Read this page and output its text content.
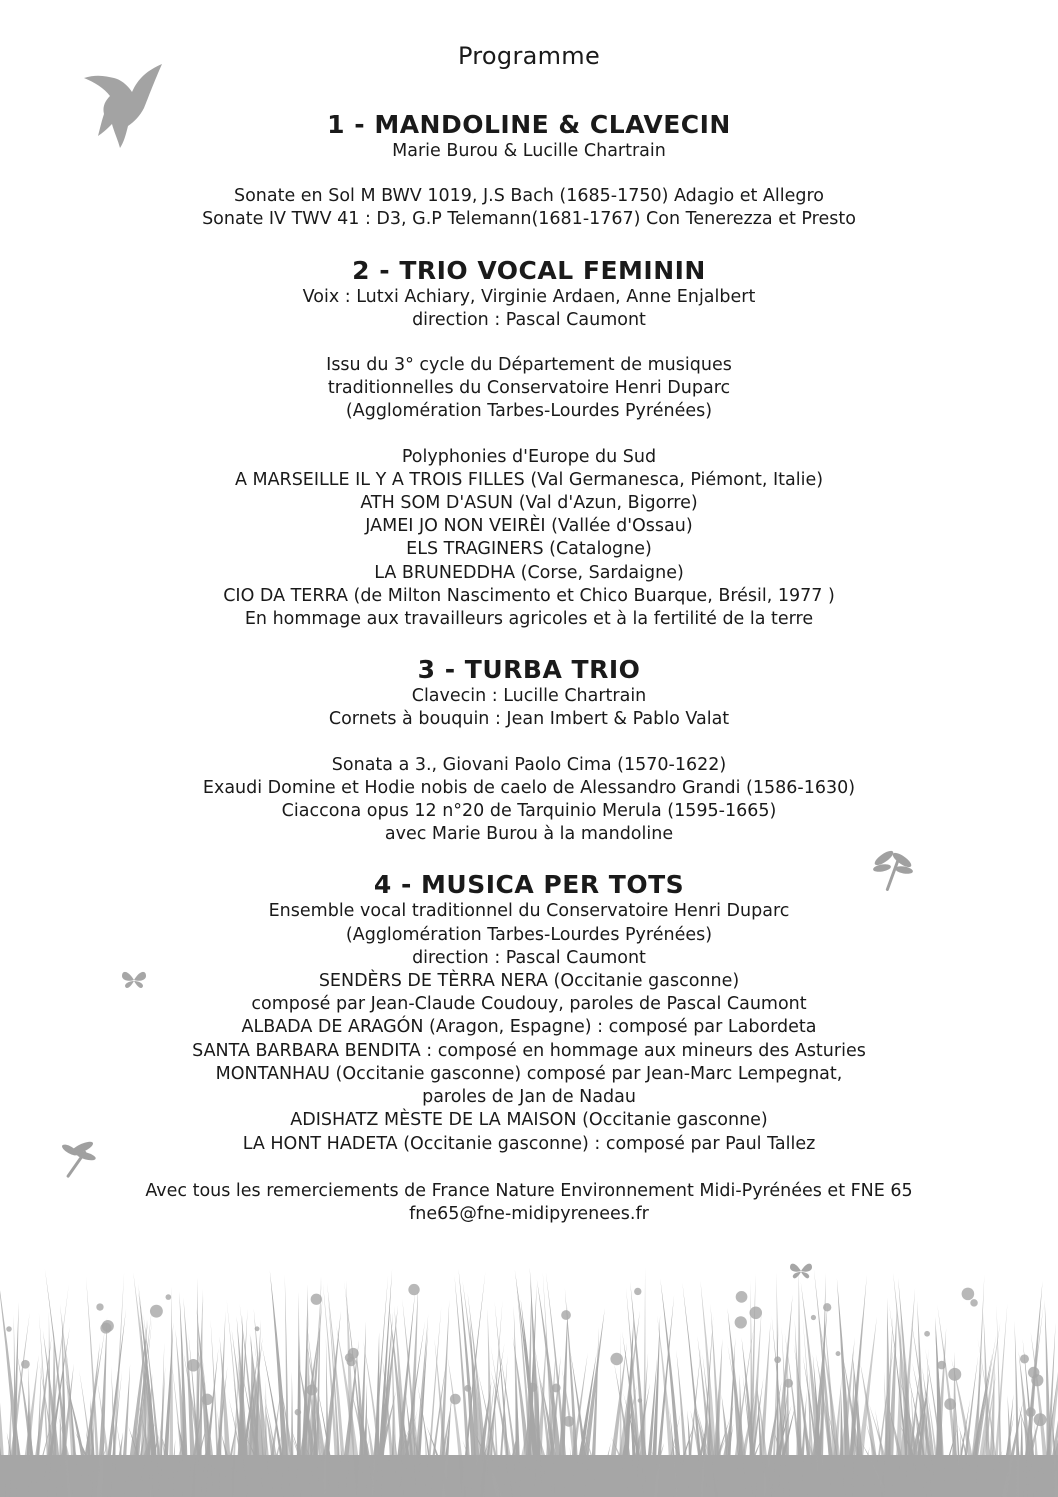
Programme

1 - MANDOLINE & CLAVECIN

Marie Burou & Lucille Chartrain

Sonate en Sol M BWV 1019, J.S Bach (1685-1750) Adagio et Allegro

Sonate IV TWV 41 : D3, G.P Telemann(1681-1767) Con Tenerezza et Presto

2 - TRIO VOCAL FEMININ

Voix : Lutxi Achiary, Virginie Ardaen, Anne Enjalbert

direction : Pascal Caumont

Issu du 3° cycle du Département de musiques

traditionnelles du Conservatoire Henri Duparc

(Agglomération Tarbes-Lourdes Pyrénées)

Polyphonies d'Europe du Sud

A MARSEILLE IL Y A TROIS FILLES (Val Germanesca, Piémont, Italie)

ATH SOM D'ASUN (Val d'Azun, Bigorre)

JAMEI JO NON VEIRÈI (Vallée d'Ossau)

ELS TRAGINERS (Catalogne)

LA BRUNEDDHA (Corse, Sardaigne)

CIO DA TERRA (de Milton Nascimento et Chico Buarque, Brésil, 1977 )

En hommage aux travailleurs agricoles et à la fertilité de la terre

3 - TURBA TRIO

Clavecin : Lucille Chartrain

Cornets à bouquin : Jean Imbert & Pablo Valat

Sonata a 3., Giovani Paolo Cima (1570-1622)

Exaudi Domine et Hodie nobis de caelo de Alessandro Grandi (1586-1630)

Ciaccona opus 12 n°20 de Tarquinio Merula (1595-1665)

avec Marie Burou à la mandoline

4 - MUSICA PER TOTS

Ensemble vocal traditionnel du Conservatoire Henri Duparc

(Agglomération Tarbes-Lourdes Pyrénées)

direction : Pascal Caumont

SENDÈRS DE TÈRRA NERA (Occitanie gasconne)

composé par Jean-Claude Coudouy, paroles de Pascal Caumont

ALBADA DE ARAGÓN (Aragon, Espagne) : composé par Labordeta

SANTA BARBARA BENDITA : composé en hommage aux mineurs des Asturies

MONTANHAU (Occitanie gasconne) composé par Jean-Marc Lempegnat,

paroles de Jan de Nadau

ADISHATZ MÈSTE DE LA MAISON (Occitanie gasconne)

LA HONT HADETA (Occitanie gasconne) : composé par Paul Tallez

Avec tous les remerciements de France Nature Environnement Midi-Pyrénées et FNE 65

fne65@fne-midipyrenees.fr
